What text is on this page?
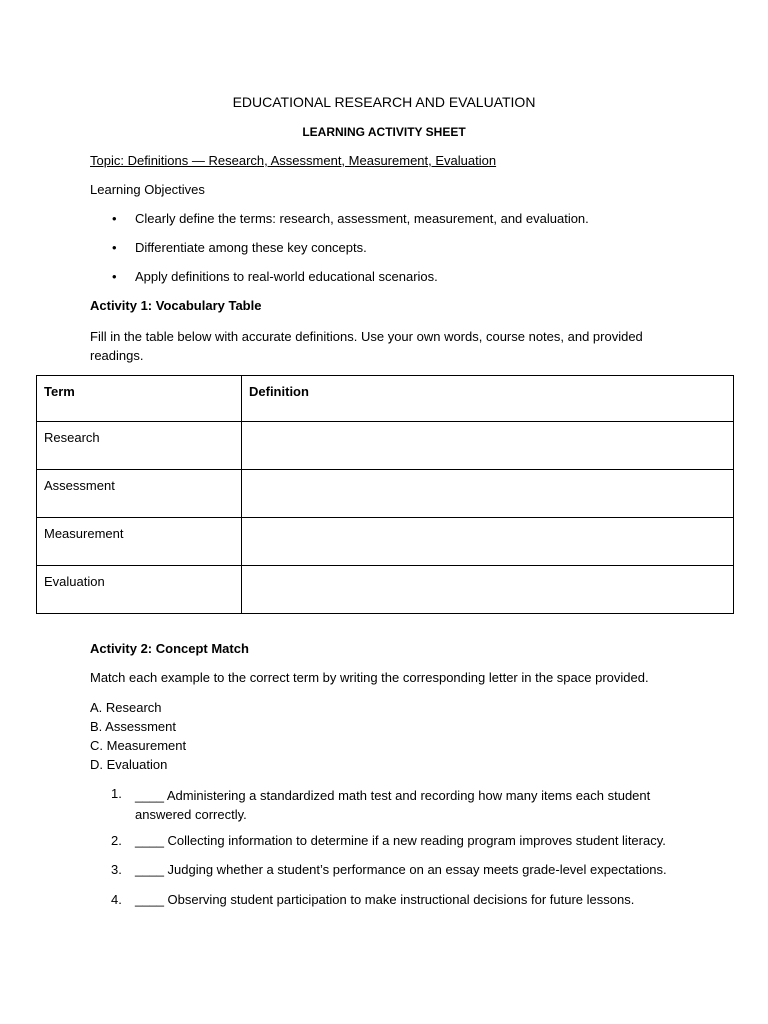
EDUCATIONAL RESEARCH AND EVALUATION
LEARNING ACTIVITY SHEET
Topic: Definitions — Research, Assessment, Measurement, Evaluation
Learning Objectives
• Clearly define the terms: research, assessment, measurement, and evaluation.
• Differentiate among these key concepts.
• Apply definitions to real-world educational scenarios.
Activity 1: Vocabulary Table
Fill in the table below with accurate definitions. Use your own words, course notes, and provided readings.
Term	Definition
Research	
Assessment	
Measurement	
Evaluation	
Activity 2: Concept Match
Match each example to the correct term by writing the corresponding letter in the space provided.
A. Research
B. Assessment
C. Measurement
D. Evaluation
1. ____ Administering a standardized math test and recording how many items each student answered correctly.
2. ____ Collecting information to determine if a new reading program improves student literacy.
3. ____ Judging whether a student’s performance on an essay meets grade-level expectations.
4. ____ Observing student participation to make instructional decisions for future lessons.
